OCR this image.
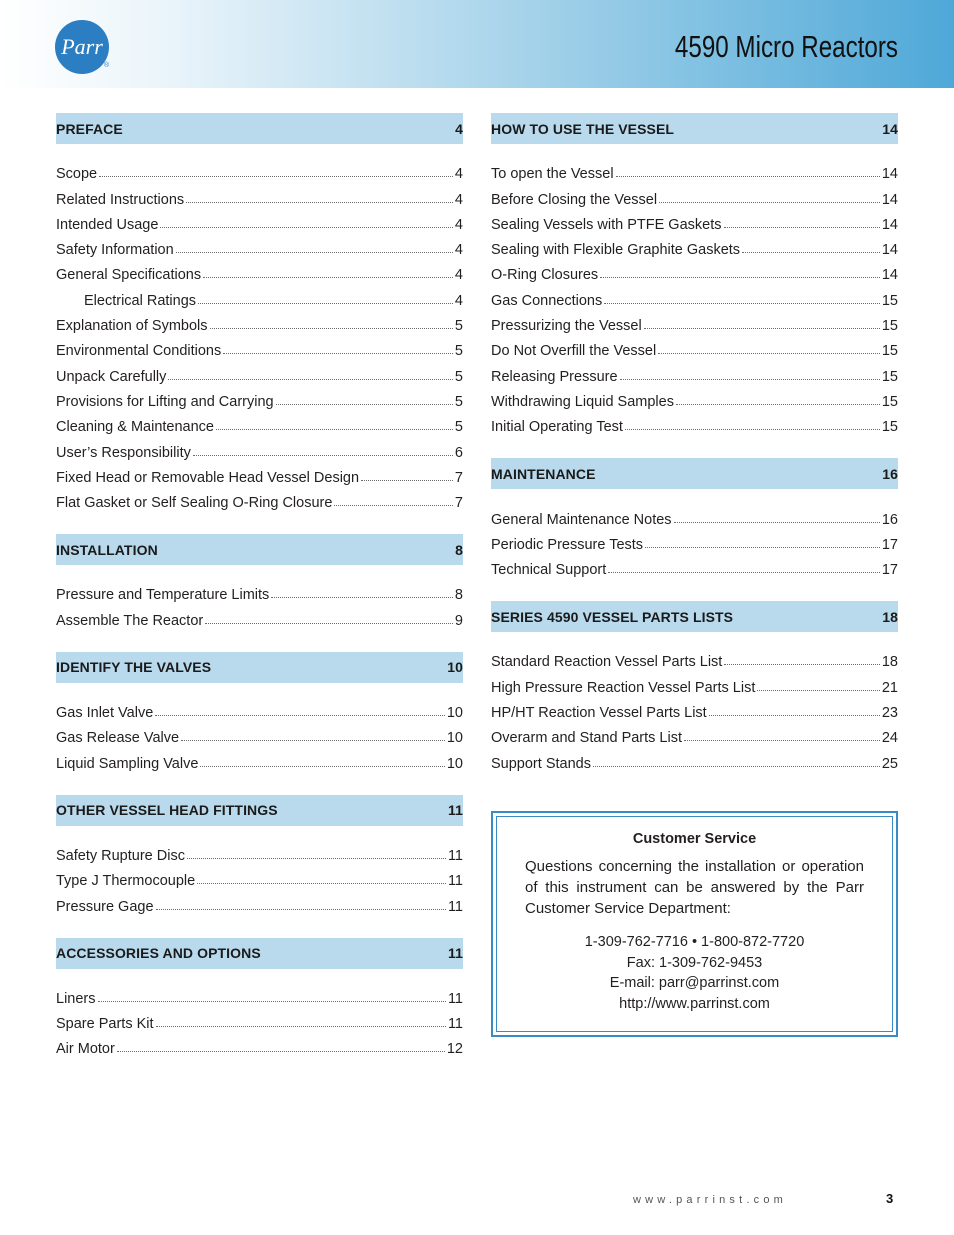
Parr
®
4590 Micro Reactors
PREFACE	4
Scope	4
Related Instructions	4
Intended Usage	4
Safety Information	4
General Specifications	4
Electrical Ratings	4
Explanation of Symbols	5
Environmental Conditions	5
Unpack Carefully	5
Provisions for Lifting and Carrying	5
Cleaning & Maintenance	5
User’s Responsibility	6
Fixed Head or Removable Head Vessel Design	7
Flat Gasket or Self Sealing O-Ring Closure	7
INSTALLATION	8
Pressure and Temperature Limits	8
Assemble The Reactor	9
IDENTIFY THE VALVES	10
Gas Inlet Valve	10
Gas Release Valve	10
Liquid Sampling Valve	10
OTHER VESSEL HEAD FITTINGS	11
Safety Rupture Disc	11
Type J Thermocouple	11
Pressure Gage	11
ACCESSORIES AND OPTIONS	11
Liners	11
Spare Parts Kit	11
Air Motor	12
HOW TO USE THE VESSEL	14
To open the Vessel	14
Before Closing the Vessel	14
Sealing Vessels with PTFE Gaskets	14
Sealing with Flexible Graphite Gaskets	14
O-Ring Closures	14
Gas Connections	15
Pressurizing the Vessel	15
Do Not Overfill the Vessel	15
Releasing Pressure	15
Withdrawing Liquid Samples	15
Initial Operating Test	15
MAINTENANCE	16
General Maintenance Notes	16
Periodic Pressure Tests	17
Technical Support	17
SERIES 4590 VESSEL PARTS LISTS	18
Standard Reaction Vessel Parts List	18
High Pressure Reaction Vessel Parts List	21
HP/HT Reaction Vessel Parts List	23
Overarm and Stand Parts List	24
Support Stands	25
Customer Service
Questions concerning the installation or operation of this instrument can be answered by the Parr Customer Service Department:
1-309-762-7716 • 1-800-872-7720
Fax: 1-309-762-9453
E-mail: parr@parrinst.com
http://www.parrinst.com
www.parrinst.com	3
